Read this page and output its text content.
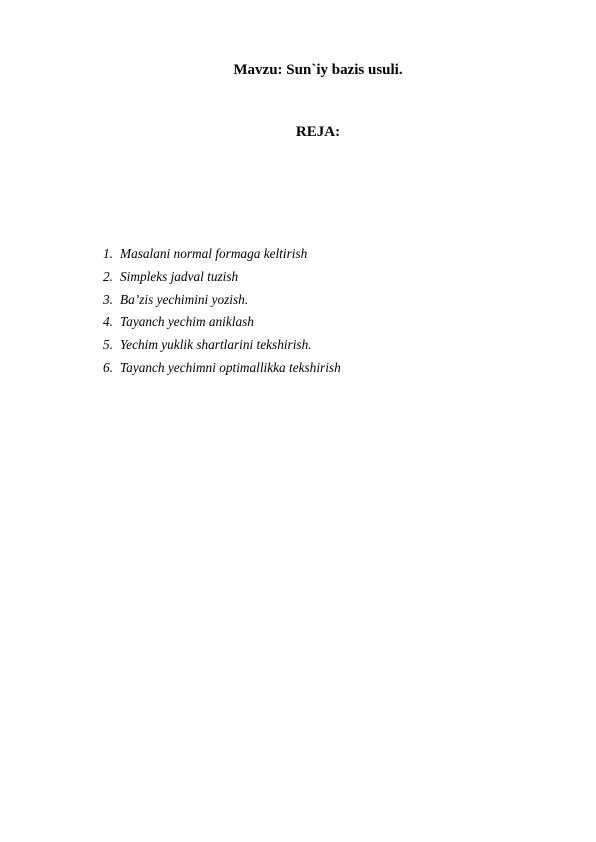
Mavzu: Sun`iy bazis usuli.
REJA:
1. Masalani normal formaga keltirish
2. Simpleks jadval tuzish
3. Ba’zis yechimini yozish.
4. Tayanch yechim aniklash
5. Yechim yuklik shartlarini tekshirish.
6. Tayanch yechimni optimallikka tekshirish
